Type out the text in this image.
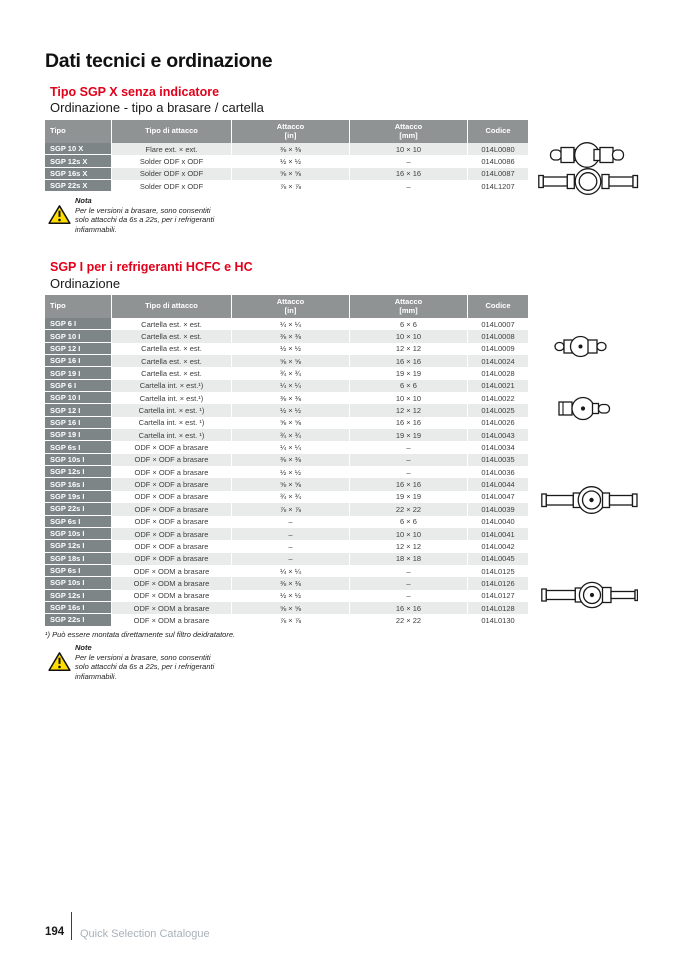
Dati tecnici e ordinazione
Tipo SGP X senza indicatore
Ordinazione - tipo a brasare / cartella
Tipo	Tipo di attacco	Attacco
[in]
Attacco
[mm]	Codice
SGP 10 X	Flare ext. × ext.	⅜ × ⅜	10 × 10	014L0080
SGP 12s X	Solder ODF x ODF	½ × ½	–	014L0086
SGP 16s X	Solder ODF x ODF	⅝ × ⅝	16 × 16	014L0087
SGP 22s X	Solder ODF x ODF	⅞ × ⅞	–	014L1207
Nota
Per le versioni a brasare, sono consentiti
solo attacchi da 6s a 22s, per i refrigeranti
infiammabili.
SGP I per i refrigeranti HCFC e HC
Ordinazione
Tipo	Tipo di attacco	Attacco
[in]
Attacco
[mm]	Codice
SGP 6 I	Cartella est. × est.	¼ × ¼	6 × 6	014L0007
SGP 10 I	Cartella est. × est.	⅜ × ⅜	10 × 10	014L0008
SGP 12 I	Cartella est. × est.	½ × ½	12 × 12	014L0009
SGP 16 I	Cartella est. × est.	⅝ × ⅝	16 × 16	014L0024
SGP 19 I	Cartella est. × est.	¾ × ¾	19 × 19	014L0028
SGP 6 I	Cartella int. × est.¹)	¼ × ¼	6 × 6	014L0021
SGP 10 I	Cartella int. × est.¹)	⅜ × ⅜	10 × 10	014L0022
SGP 12 I	Cartella int. × est. ¹)	½ × ½	12 × 12	014L0025
SGP 16 I	Cartella int. × est. ¹)	⅝ × ⅝	16 × 16	014L0026
SGP 19 I	Cartella int. × est. ¹)	¾ × ¾	19 × 19	014L0043
SGP 6s I	ODF × ODF a brasare	¼ × ¼	–	014L0034
SGP 10s I	ODF × ODF a brasare	⅜ × ⅜	–	014L0035
SGP 12s I	ODF × ODF a brasare	½ × ½	–	014L0036
SGP 16s I	ODF × ODF a brasare	⅝ × ⅝	16 × 16	014L0044
SGP 19s I	ODF × ODF a brasare	¾ × ¾	19 × 19	014L0047
SGP 22s I	ODF × ODF a brasare	⅞ × ⅞	22 × 22	014L0039
SGP 6s I	ODF × ODF a brasare	–	6 × 6	014L0040
SGP 10s I	ODF × ODF a brasare	–	10 × 10	014L0041
SGP 12s I	ODF × ODF a brasare	–	12 × 12	014L0042
SGP 18s I	ODF × ODF a brasare	–	18 × 18	014L0045
SGP 6s I	ODF × ODM a brasare	¼ × ¼	–	014L0125
SGP 10s I	ODF × ODM a brasare	⅜ × ⅜	–	014L0126
SGP 12s I	ODF × ODM a brasare	½ × ½	–	014L0127
SGP 16s I	ODF × ODM a brasare	⅝ × ⅝	16 × 16	014L0128
SGP 22s I	ODF × ODM a brasare	⅞ × ⅞	22 × 22	014L0130
¹) Può essere montata direttamente sul filtro deidratatore.
Note
Per le versioni a brasare, sono consentiti
solo attacchi da 6s a 22s, per i refrigeranti
infiammabili.
194 Quick Selection Catalogue
